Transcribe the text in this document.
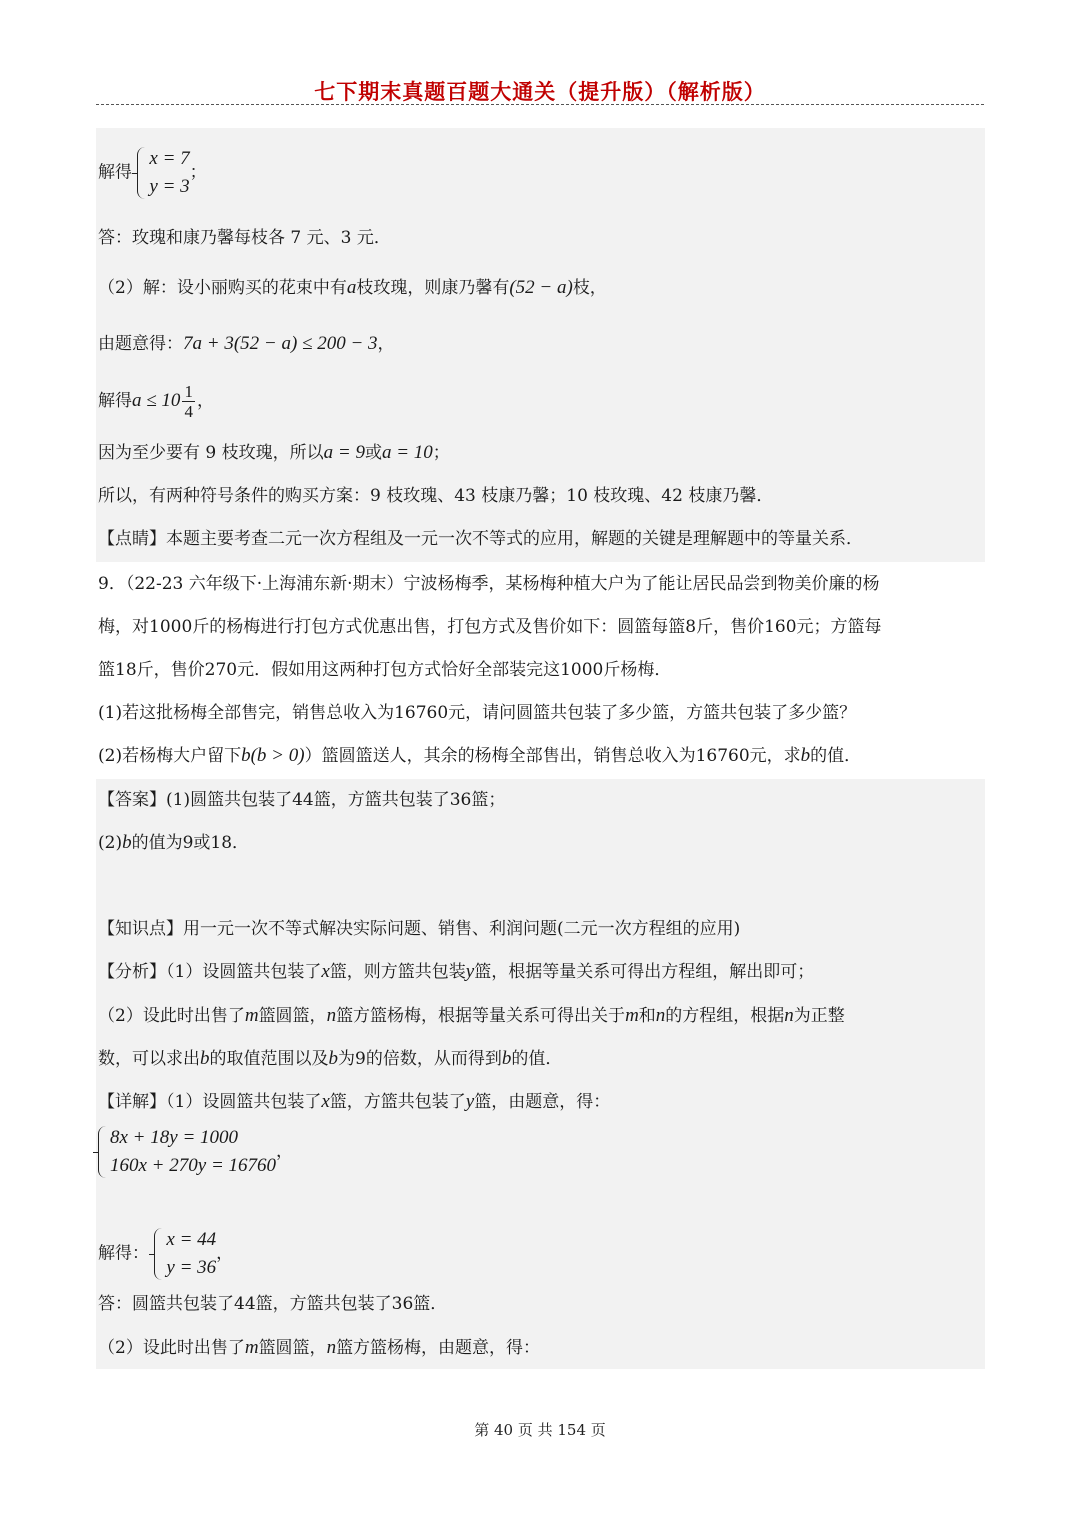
七下期末真题百题大通关（提升版）（解析版）
解得
x = 7
y = 3
；
答：玫瑰和康乃馨每枝各 7 元、3 元．
（2）解：设小丽购买的花束中有a枝玫瑰，则康乃馨有(52 − a)枝，
由题意得：7a + 3(52 − a) ≤ 200 − 3，
解得$a \le 10 \frac{1}{4}$ ，
因为至少要有 9 枝玫瑰，所以a = 9或a = 10；
所以，有两种符号条件的购买方案：9 枝玫瑰、43 枝康乃馨；10 枝玫瑰、42 枝康乃馨．
【点睛】本题主要考查二元一次方程组及一元一次不等式的应用，解题的关键是理解题中的等量关系．
9．（22-23 六年级下·上海浦东新·期末）宁波杨梅季，某杨梅种植大户为了能让居民品尝到物美价廉的杨
梅，对1000斤的杨梅进行打包方式优惠出售，打包方式及售价如下：圆篮每篮8斤，售价160元；方篮每
篮18斤，售价270元．假如用这两种打包方式恰好全部装完这1000斤杨梅．
(1)若这批杨梅全部售完，销售总收入为16760元，请问圆篮共包装了多少篮，方篮共包装了多少篮？
(2)若杨梅大户留下b(b > 0)）篮圆篮送人，其余的杨梅全部售出，销售总收入为16760元，求b的值．
【答案】(1)圆篮共包装了44篮，方篮共包装了36篮；
(2)b的值为9或18．
【知识点】用一元一次不等式解决实际问题、销售、利润问题(二元一次方程组的应用)
【分析】（1）设圆篮共包装了x篮，则方篮共包装y篮，根据等量关系可得出方程组，解出即可；
（2）设此时出售了m篮圆篮，n篮方篮杨梅，根据等量关系可得出关于m和n的方程组，根据n为正整
数，可以求出b的取值范围以及b为9的倍数，从而得到b的值．
【详解】（1）设圆篮共包装了x篮，方篮共包装了y篮，由题意，得：
8x + 18y = 1000
160x + 270y = 16760
，
解得：
x = 44
y = 36
，
答：圆篮共包装了44篮，方篮共包装了36篮．
（2）设此时出售了m篮圆篮，n篮方篮杨梅，由题意，得：
第 40 页 共 154 页
